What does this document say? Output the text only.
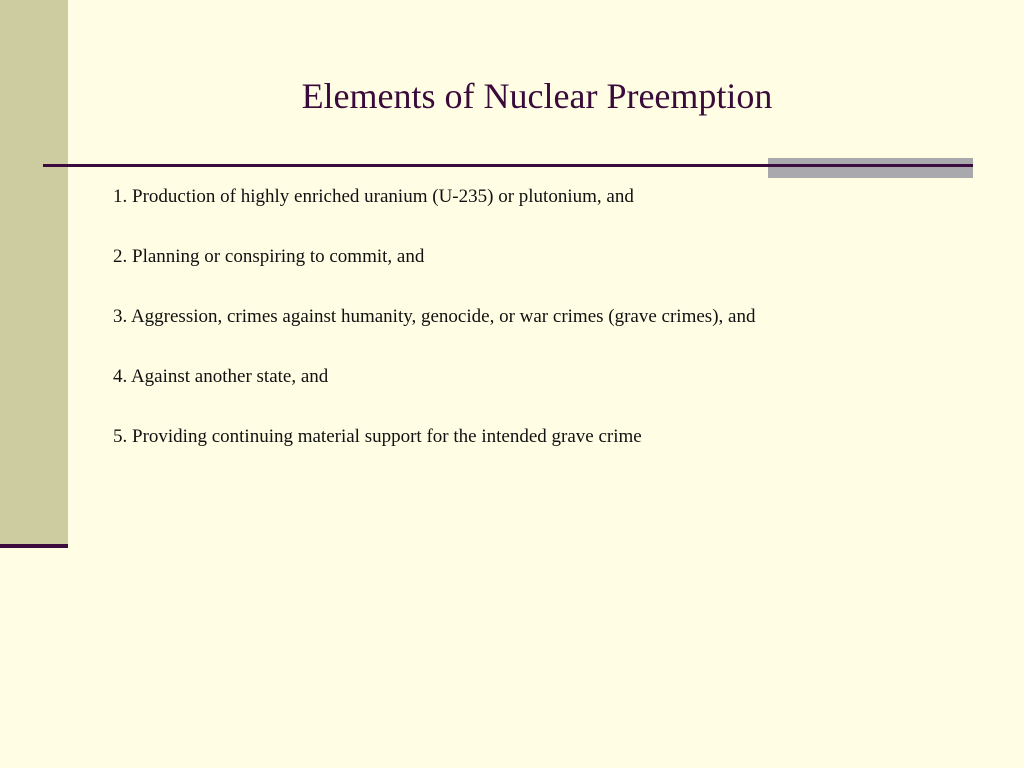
Elements of Nuclear Preemption
1. Production of highly enriched uranium (U-235) or plutonium, and
2. Planning or conspiring to commit, and
3. Aggression, crimes against humanity, genocide, or war crimes (grave crimes), and
4. Against another state, and
5. Providing continuing material support for the intended grave crime
